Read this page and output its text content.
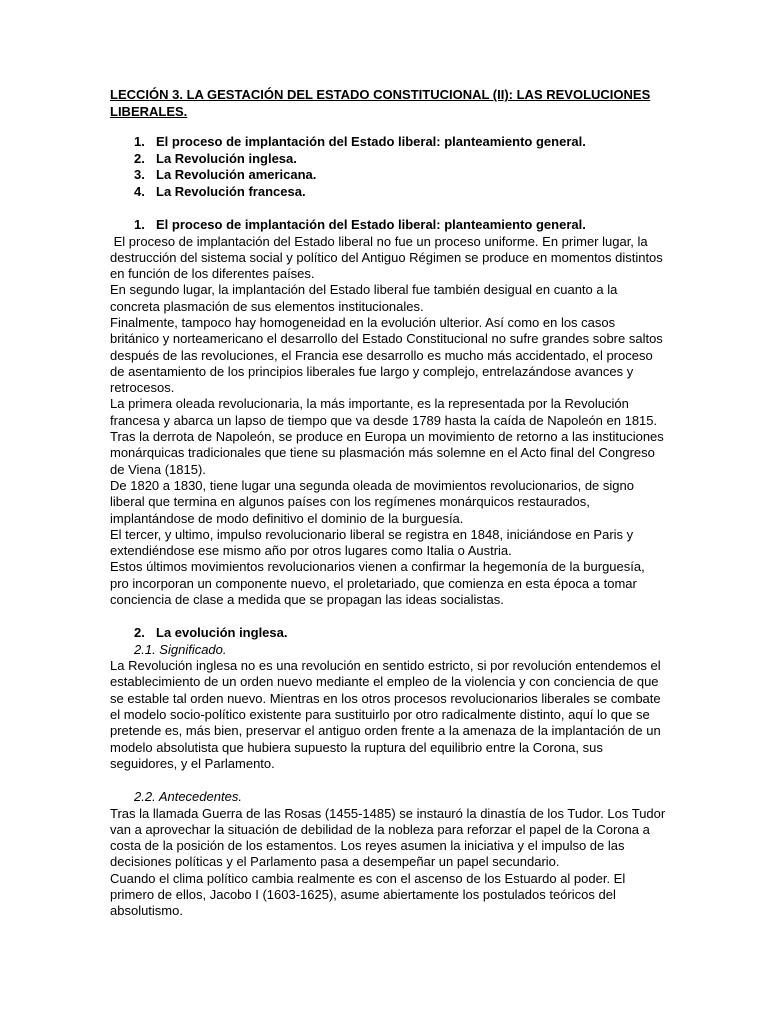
LECCIÓN 3. LA GESTACIÓN DEL ESTADO CONSTITUCIONAL (II): LAS REVOLUCIONES LIBERALES.

1. El proceso de implantación del Estado liberal: planteamiento general.
2. La Revolución inglesa.
3. La Revolución americana.
4. La Revolución francesa.

1. El proceso de implantación del Estado liberal: planteamiento general.

El proceso de implantación del Estado liberal no fue un proceso uniforme. En primer lugar, la destrucción del sistema social y político del Antiguo Régimen se produce en momentos distintos en función de los diferentes países.

En segundo lugar, la implantación del Estado liberal fue también desigual en cuanto a la concreta plasmación de sus elementos institucionales.

Finalmente, tampoco hay homogeneidad en la evolución ulterior. Así como en los casos británico y norteamericano el desarrollo del Estado Constitucional no sufre grandes sobre saltos después de las revoluciones, el Francia ese desarrollo es mucho más accidentado, el proceso de asentamiento de los principios liberales fue largo y complejo, entrelazándose avances y retrocesos.

La primera oleada revolucionaria, la más importante, es la representada por la Revolución francesa y abarca un lapso de tiempo que va desde 1789 hasta la caída de Napoleón en 1815. Tras la derrota de Napoleón, se produce en Europa un movimiento de retorno a las instituciones monárquicas tradicionales que tiene su plasmación más solemne en el Acto final del Congreso de Viena (1815).

De 1820 a 1830, tiene lugar una segunda oleada de movimientos revolucionarios, de signo liberal que termina en algunos países con los regímenes monárquicos restaurados, implantándose de modo definitivo el dominio de la burguesía.

El tercer, y ultimo, impulso revolucionario liberal se registra en 1848, iniciándose en Paris y extendiéndose ese mismo año por otros lugares como Italia o Austria.

Estos últimos movimientos revolucionarios vienen a confirmar la hegemonía de la burguesía, pro incorporan un componente nuevo, el proletariado, que comienza en esta época a tomar conciencia de clase a medida que se propagan las ideas socialistas.

2. La evolución inglesa.

2.1. Significado.

La Revolución inglesa no es una revolución en sentido estricto, si por revolución entendemos el establecimiento de un orden nuevo mediante el empleo de la violencia y con conciencia de que se estable tal orden nuevo. Mientras en los otros procesos revolucionarios liberales se combate el modelo socio-político existente para sustituirlo por otro radicalmente distinto, aquí lo que se pretende es, más bien, preservar el antiguo orden frente a la amenaza de la implantación de un modelo absolutista que hubiera supuesto la ruptura del equilibrio entre la Corona, sus seguidores, y el Parlamento.

2.2. Antecedentes.

Tras la llamada Guerra de las Rosas (1455-1485) se instauró la dinastía de los Tudor. Los Tudor van a aprovechar la situación de debilidad de la nobleza para reforzar el papel de la Corona a costa de la posición de los estamentos. Los reyes asumen la iniciativa y el impulso de las decisiones políticas y el Parlamento pasa a desempeñar un papel secundario.

Cuando el clima político cambia realmente es con el ascenso de los Estuardo al poder. El primero de ellos, Jacobo I (1603-1625), asume abiertamente los postulados teóricos del absolutismo.
